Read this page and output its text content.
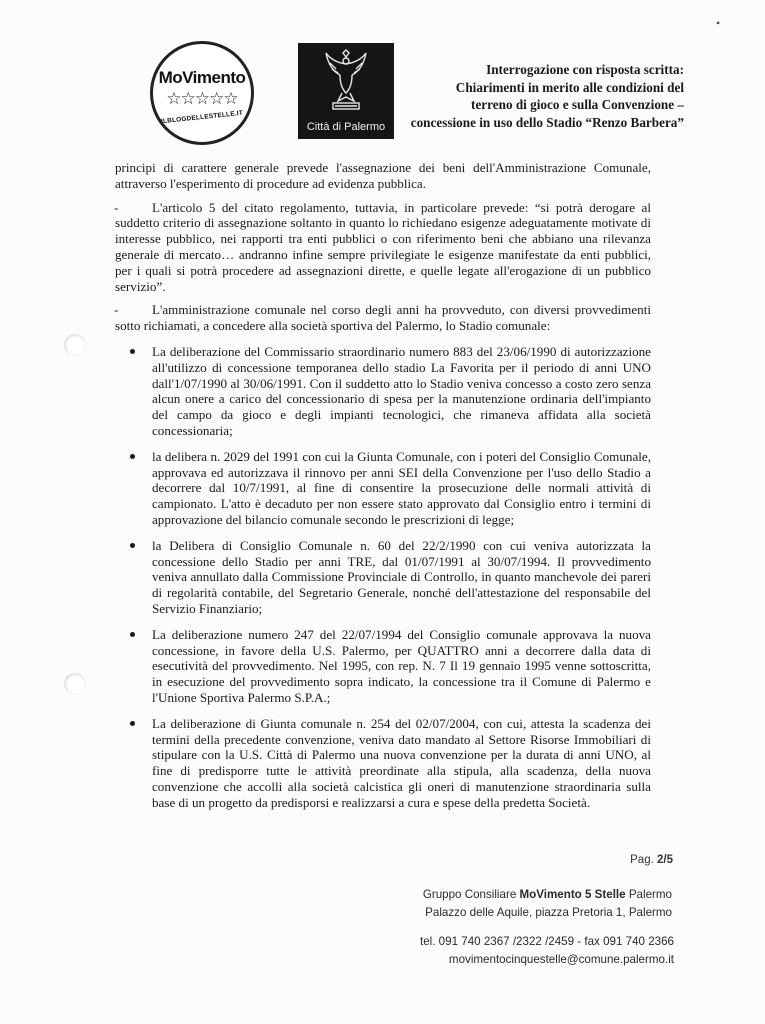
•
MoVimento
☆☆☆☆☆
ILBLOGDELLESTELLE.IT
Città di Palermo
Interrogazione con risposta scritta:
Chiarimenti in merito alle condizioni del
terreno di gioco e sulla Convenzione –
concessione in uso dello Stadio “Renzo Barbera”

principi di carattere generale prevede l'assegnazione dei beni dell'Amministrazione Comunale, attraverso l'esperimento di procedure ad evidenza pubblica.

-	L'articolo 5 del citato regolamento, tuttavia, in particolare prevede: “si potrà derogare al suddetto criterio di assegnazione soltanto in quanto lo richiedano esigenze adeguatamente motivate di interesse pubblico, nei rapporti tra enti pubblici o con riferimento beni che abbiano una rilevanza generale di mercato… andranno infine sempre privilegiate le esigenze manifestate da enti pubblici, per i quali si potrà procedere ad assegnazioni dirette, e quelle legate all'erogazione di un pubblico servizio”.

-	L'amministrazione comunale nel corso degli anni ha provveduto, con diversi provvedimenti sotto richiamati, a concedere alla società sportiva del Palermo, lo Stadio comunale:

La deliberazione del Commissario straordinario numero 883 del 23/06/1990 di autorizzazione all'utilizzo di concessione temporanea dello stadio La Favorita per il periodo di anni UNO dall'1/07/1990 al 30/06/1991. Con il suddetto atto lo Stadio veniva concesso a costo zero senza alcun onere a carico del concessionario di spesa per la manutenzione ordinaria dell'impianto del campo da gioco e degli impianti tecnologici, che rimaneva affidata alla società concessionaria;
la delibera n. 2029 del 1991 con cui la Giunta Comunale, con i poteri del Consiglio Comunale, approvava ed autorizzava il rinnovo per anni SEI della Convenzione per l'uso dello Stadio a decorrere dal 10/7/1991, al fine di consentire la prosecuzione delle normali attività di campionato. L'atto è decaduto per non essere stato approvato dal Consiglio entro i termini di approvazione del bilancio comunale secondo le prescrizioni di legge;
la Delibera di Consiglio Comunale n. 60 del 22/2/1990 con cui veniva autorizzata la concessione dello Stadio per anni TRE, dal 01/07/1991 al 30/07/1994. Il provvedimento veniva annullato dalla Commissione Provinciale di Controllo, in quanto manchevole dei pareri di regolarità contabile, del Segretario Generale, nonché dell'attestazione del responsabile del Servizio Finanziario;
La deliberazione numero 247 del 22/07/1994 del Consiglio comunale approvava la nuova concessione, in favore della U.S. Palermo, per QUATTRO anni a decorrere dalla data di esecutività del provvedimento. Nel 1995, con rep. N. 7 Il 19 gennaio 1995 venne sottoscritta, in esecuzione del provvedimento sopra indicato, la concessione tra il Comune di Palermo e l'Unione Sportiva Palermo S.P.A.;
La deliberazione di Giunta comunale n. 254 del 02/07/2004, con cui, attesta la scadenza dei termini della precedente convenzione, veniva dato mandato al Settore Risorse Immobiliari di stipulare con la U.S. Città di Palermo una nuova convenzione per la durata di anni UNO, al fine di predisporre tutte le attività preordinate alla stipula, alla scadenza, della nuova convenzione che accolli alla società calcistica gli oneri di manutenzione straordinaria sulla base di un progetto da predisporsi e realizzarsi a cura e spese della predetta Società.
Pag. 2/5
Gruppo Consiliare MoVimento 5 Stelle Palermo
Palazzo delle Aquile, piazza Pretoria 1, Palermo
tel. 091 740 2367 /2322 /2459 - fax 091 740 2366
movimentocinquestelle@comune.palermo.it
